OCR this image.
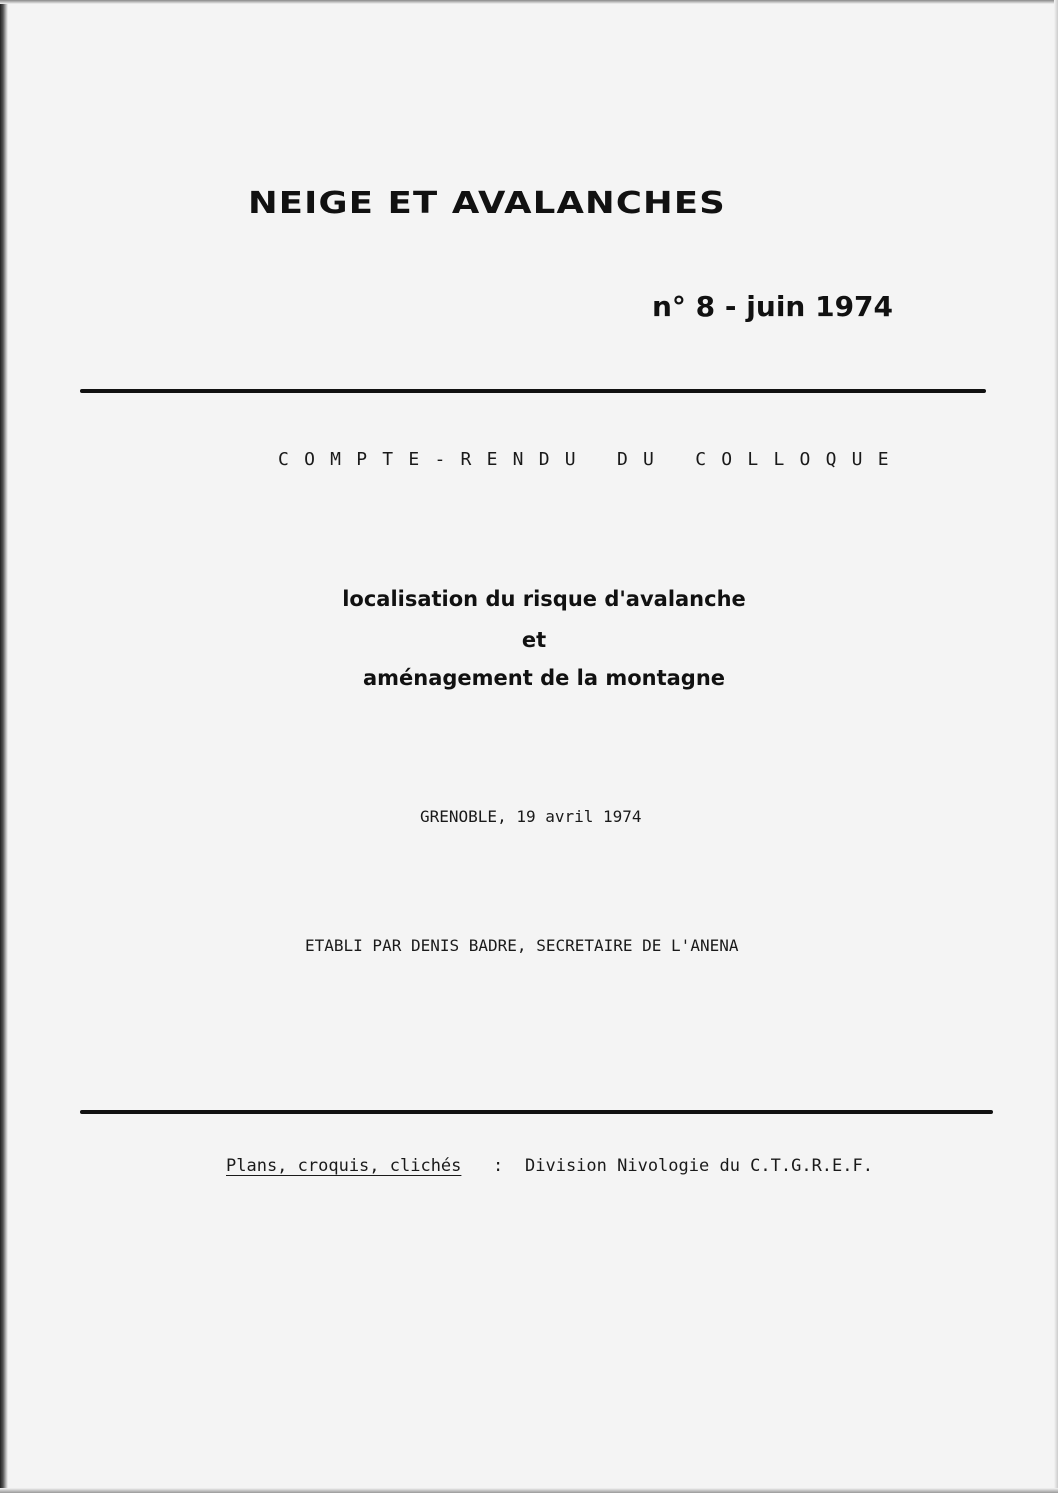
NEIGE ET AVALANCHES
n° 8 - juin 1974
C O M P T E - R E N D U D U C O L L O Q U E
localisation du risque d'avalanche
et
aménagement de la montagne
GRENOBLE, 19 avril 1974
ETABLI PAR DENIS BADRE, SECRETAIRE DE L'ANENA
Plans, croquis, clichés : Division Nivologie du C.T.G.R.E.F.
